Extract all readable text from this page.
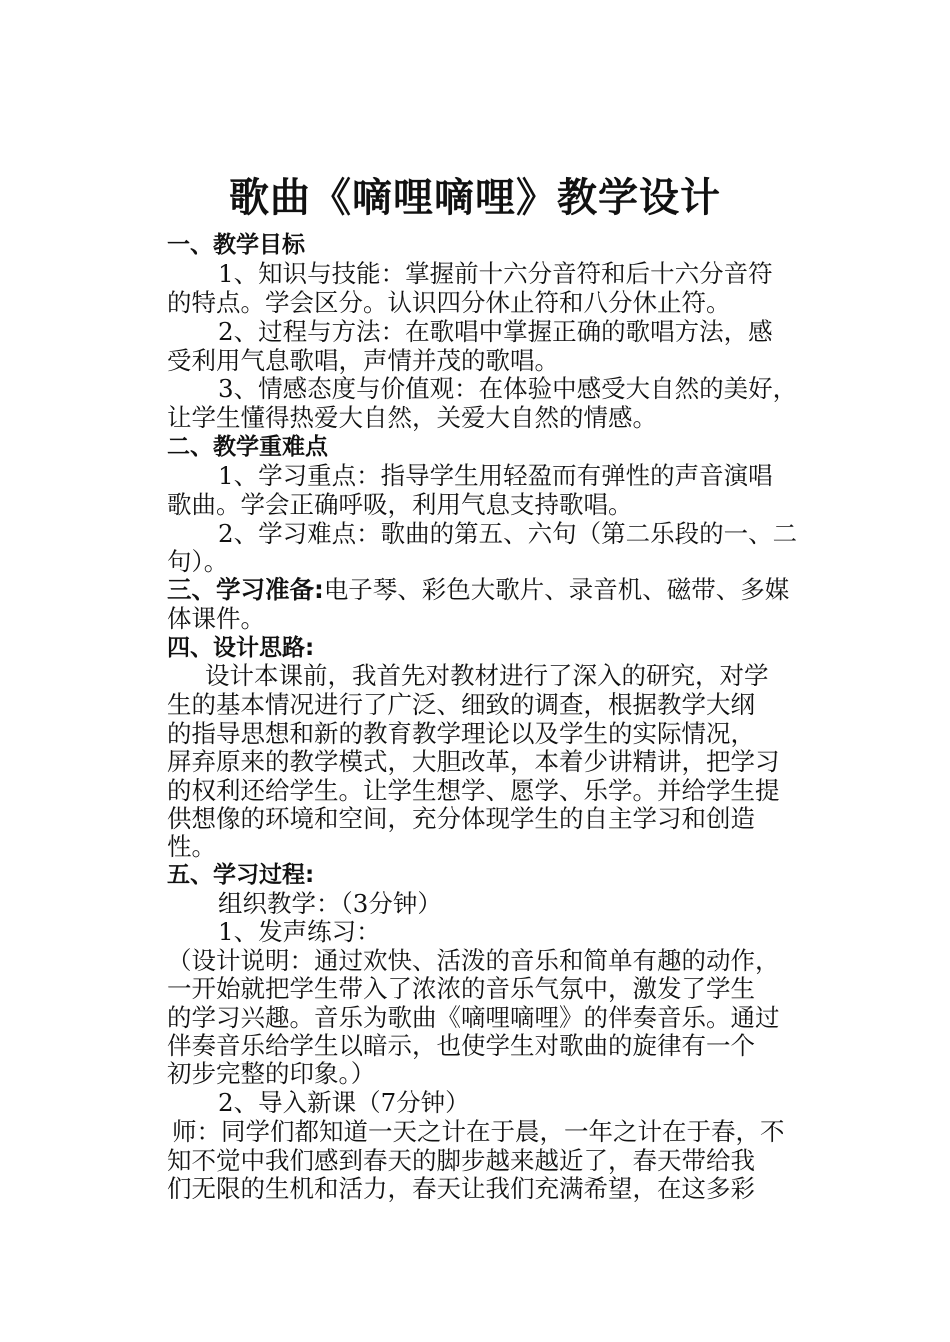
歌曲《嘀哩嘀哩》教学设计
一、教学目标
1、知识与技能：掌握前十六分音符和后十六分音符
的特点。学会区分。认识四分休止符和八分休止符。
2、过程与方法：在歌唱中掌握正确的歌唱方法，感
受利用气息歌唱，声情并茂的歌唱。
3、情感态度与价值观：在体验中感受大自然的美好，
让学生懂得热爱大自然，关爱大自然的情感。
二、教学重难点
1、学习重点：指导学生用轻盈而有弹性的声音演唱
歌曲。学会正确呼吸，利用气息支持歌唱。
2、学习难点：歌曲的第五、六句（第二乐段的一、二
句）。
三、学习准备:电子琴、彩色大歌片、录音机、磁带、多媒
体课件。
四、设计思路:
设计本课前，我首先对教材进行了深入的研究，对学
生的基本情况进行了广泛、细致的调查，根据教学大纲
的指导思想和新的教育教学理论以及学生的实际情况，
屏弃原来的教学模式，大胆改革，本着少讲精讲，把学习
的权利还给学生。让学生想学、愿学、乐学。并给学生提
供想像的环境和空间，充分体现学生的自主学习和创造
性。
五、学习过程:
组织教学：（3分钟）
1、发声练习：
（设计说明：通过欢快、活泼的音乐和简单有趣的动作，
一开始就把学生带入了浓浓的音乐气氛中，激发了学生
的学习兴趣。音乐为歌曲《嘀哩嘀哩》的伴奏音乐。通过
伴奏音乐给学生以暗示，也使学生对歌曲的旋律有一个
初步完整的印象。）
2、导入新课（7分钟）
师：同学们都知道一天之计在于晨，一年之计在于春，不
知不觉中我们感到春天的脚步越来越近了，春天带给我
们无限的生机和活力，春天让我们充满希望，在这多彩
